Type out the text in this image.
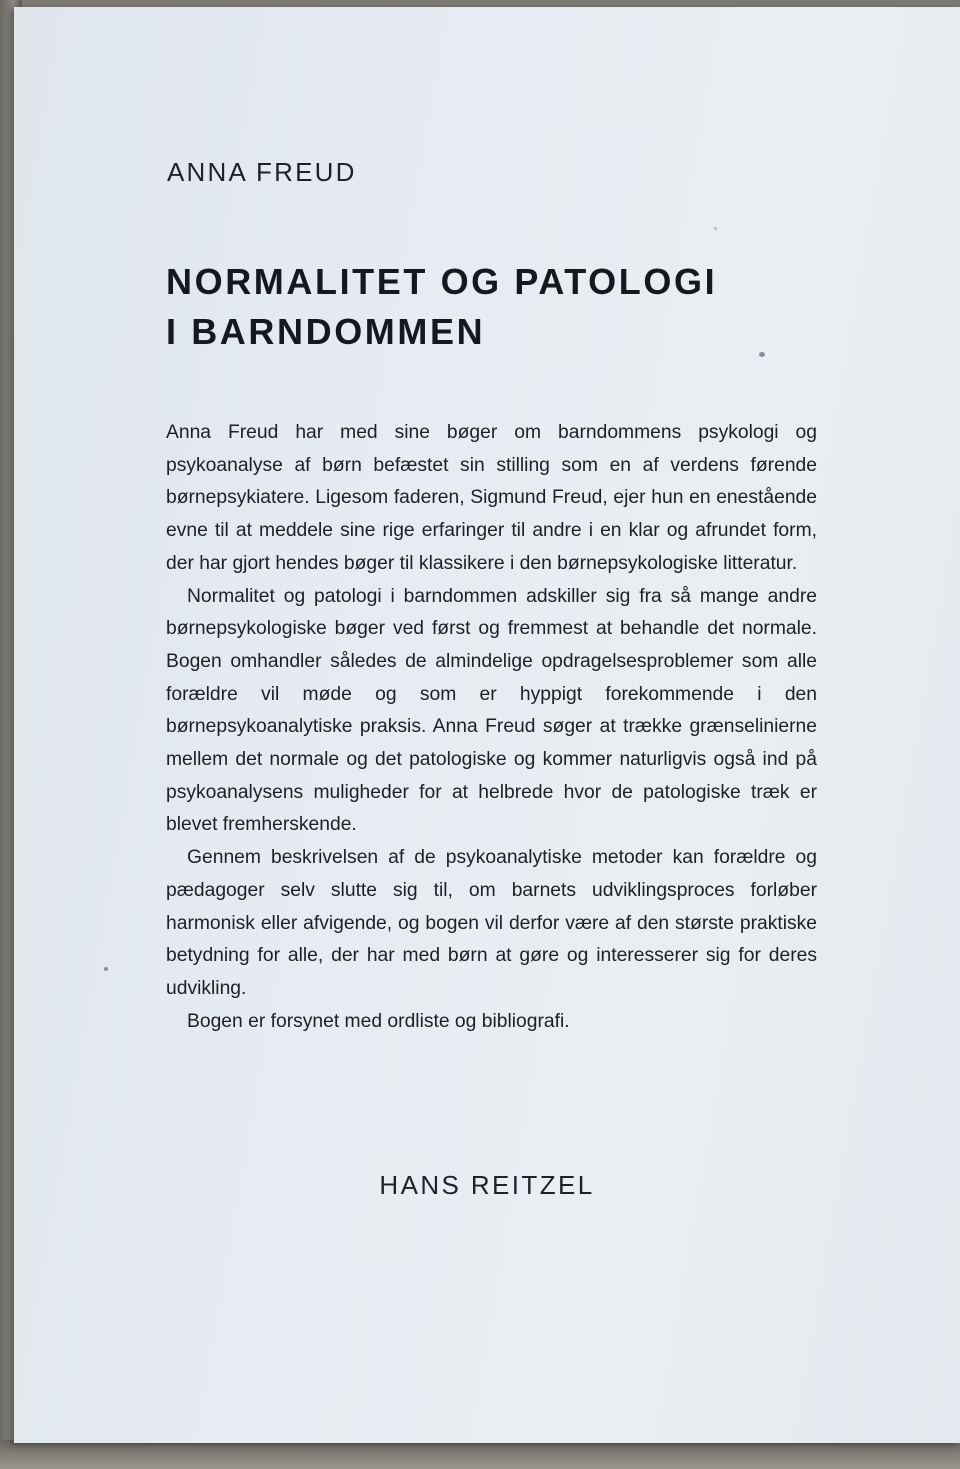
ANNA FREUD
NORMALITET OG PATOLOGI
I BARNDOMMEN

Anna Freud har med sine bøger om barndommens psykologi og psykoanalyse af børn befæstet sin stilling som en af verdens førende børnepsykiatere. Ligesom faderen, Sigmund Freud, ejer hun en enestående evne til at meddele sine rige erfaringer til andre i en klar og afrundet form, der har gjort hendes bøger til klassikere i den børnepsykologiske litteratur.

Normalitet og patologi i barndommen adskiller sig fra så mange andre børnepsykologiske bøger ved først og fremmest at behandle det normale. Bogen omhandler således de almindelige opdragelsesproblemer som alle forældre vil møde og som er hyppigt forekommende i den børnepsykoanalytiske praksis. Anna Freud søger at trække grænselinierne mellem det normale og det patologiske og kommer naturligvis også ind på psykoanalysens muligheder for at helbrede hvor de patologiske træk er blevet fremherskende.

Gennem beskrivelsen af de psykoanalytiske metoder kan forældre og pædagoger selv slutte sig til, om barnets udviklingsproces forløber harmonisk eller afvigende, og bogen vil derfor være af den største praktiske betydning for alle, der har med børn at gøre og interesserer sig for deres udvikling.

Bogen er forsynet med ordliste og bibliografi.

HANS REITZEL
